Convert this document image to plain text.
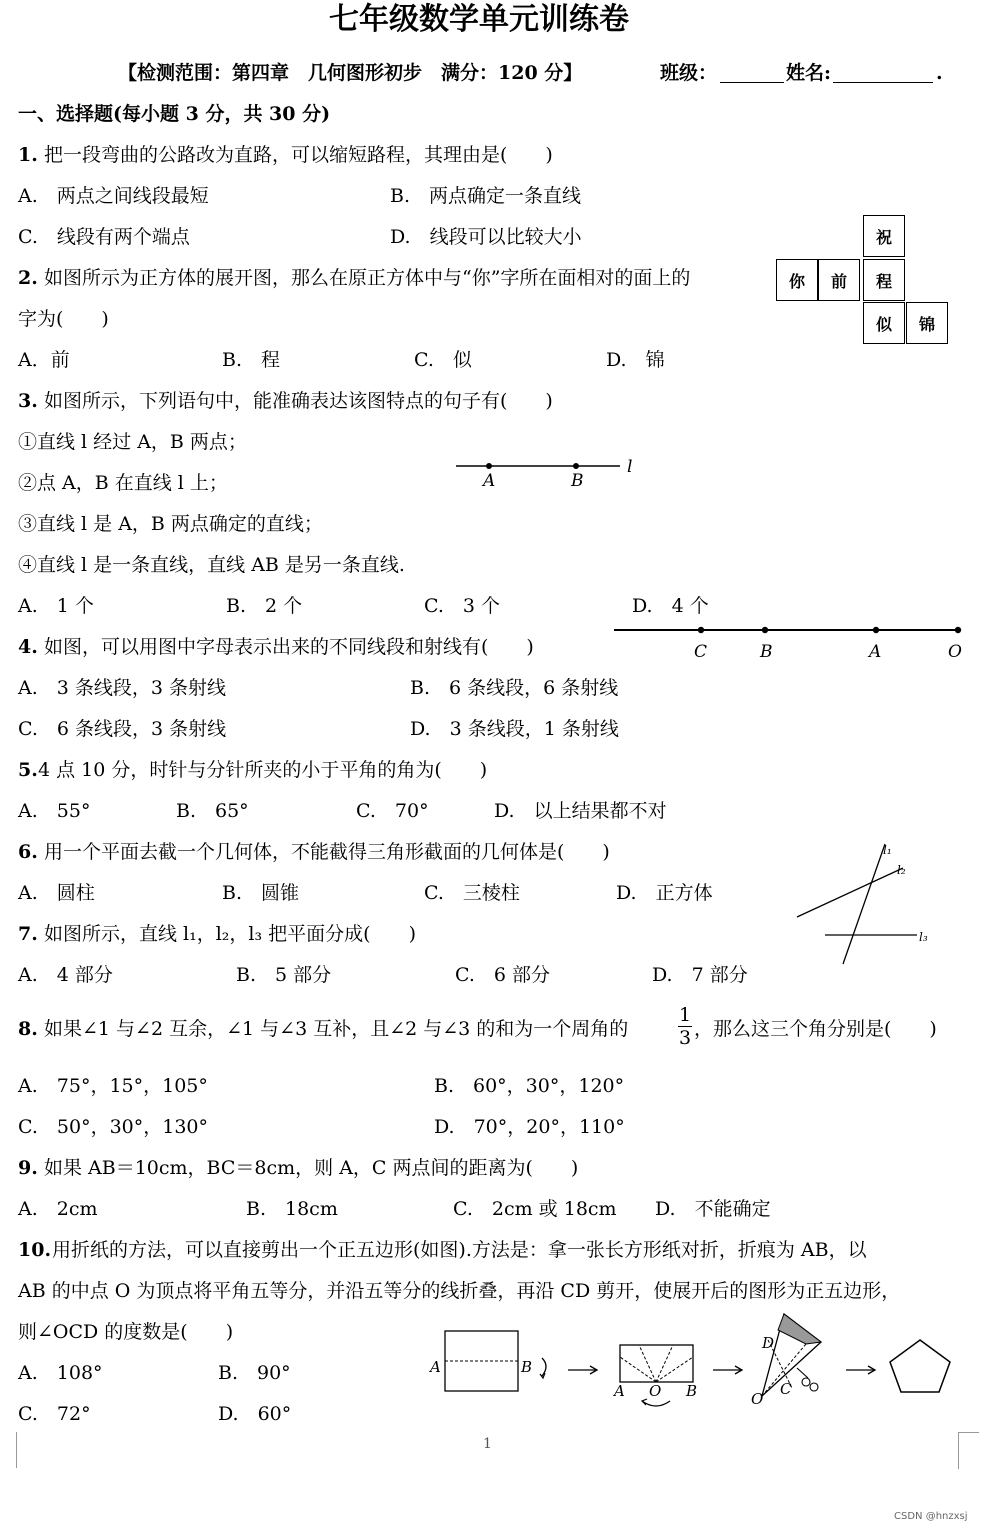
七年级数学单元训练卷
【检测范围：第四章　几何图形初步　满分：120 分】	班级：	姓名:	.
一、选择题(每小题 3 分，共 30 分)
1. 把一段弯曲的公路改为直路，可以缩短路程，其理由是(　　)
A.　两点之间线段最短	B.　两点确定一条直线
C.　线段有两个端点	D.　线段可以比较大小
2. 如图所示为正方体的展开图，那么在原正方体中与“你”字所在面相对的面上的
字为(　　)
A．前	B.　程	C.　似	D.　锦
祝
你	前	程
似	锦
3. 如图所示，下列语句中，能准确表达该图特点的句子有(　　)
①直线 l 经过 A，B 两点；
②点 A，B 在直线 l 上；
③直线 l 是 A，B 两点确定的直线；
④直线 l 是一条直线，直线 AB 是另一条直线.
A.　1 个	B.　2 个	C.　3 个	D.　4 个
A	B
l
4. 如图，可以用图中字母表示出来的不同线段和射线有(　　)
A.　3 条线段，3 条射线	B.　6 条线段，6 条射线
C.　6 条线段，3 条射线	D.　3 条线段，1 条射线
C	B	A	O
5. 4 点 10 分，时针与分针所夹的小于平角的角为(　　)
A.　55°	B.　65°	C.　70°	D.　以上结果都不对
6. 用一个平面去截一个几何体，不能截得三角形截面的几何体是(　　)
A.　圆柱	B.　圆锥	C.　三棱柱	D.　正方体
7. 如图所示，直线 l₁，l₂，l₃ 把平面分成(　　)
A.　4 部分	B.　5 部分	C.　6 部分	D.　7 部分
l₁
l₂
l₃
8. 如果∠1 与∠2 互余，∠1 与∠3 互补，且∠2 与∠3 的和为一个周角的
1
3 ，那么这三个角分别是(　　)
A.　75°，15°，105°	B.　60°，30°，120°
C.　50°，30°，130°	D.　70°，20°，110°
9. 如果 AB＝10cm，BC＝8cm，则 A，C 两点间的距离为(　　)
A.　2cm	B.　18cm	C.　2cm 或 18cm D.　不能确定
10. 用折纸的方法，可以直接剪出一个正五边形(如图).方法是：拿一张长方形纸对折，折痕为 AB，以
AB 的中点 O 为顶点将平角五等分，并沿五等分的线折叠，再沿 CD 剪开，使展开后的图形为正五边形，
则∠OCD 的度数是(　　)
A.　108°	B.　90°
C.　72°	D.　60°
A	B
A O B
D
O
C
1
CSDN @hnzxsj
